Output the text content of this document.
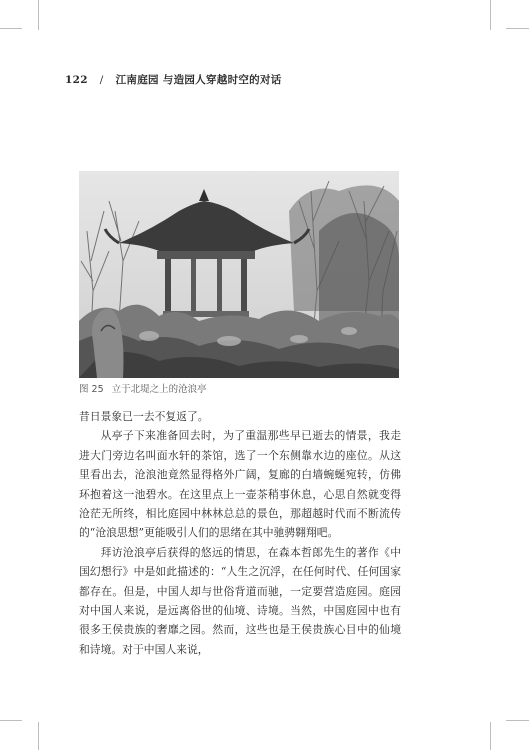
122 / 江南庭园 与造园人穿越时空的对话
图 25 立于北堤之上的沧浪亭

昔日景象已一去不复返了。

从亭子下来准备回去时，为了重温那些早已逝去的情景，我走进大门旁边名叫面水轩的茶馆，选了一个东侧靠水边的座位。从这里看出去，沧浪池竟然显得格外广阔，复廊的白墙蜿蜒宛转，仿佛环抱着这一池碧水。在这里点上一壶茶稍事休息，心思自然就变得沧茫无所终，相比庭园中林林总总的景色，那超越时代而不断流传的“沧浪思想”更能吸引人们的思绪在其中驰骋翱翔吧。

拜访沧浪亭后获得的悠远的情思，在森本哲郎先生的著作《中国幻想行》中是如此描述的：“人生之沉浮，在任何时代、任何国家都存在。但是，中国人却与世俗背道而驰，一定要营造庭园。庭园对中国人来说，是远离俗世的仙境、诗境。当然，中国庭园中也有很多王侯贵族的奢靡之园。然而，这些也是王侯贵族心目中的仙境和诗境。对于中国人来说，
